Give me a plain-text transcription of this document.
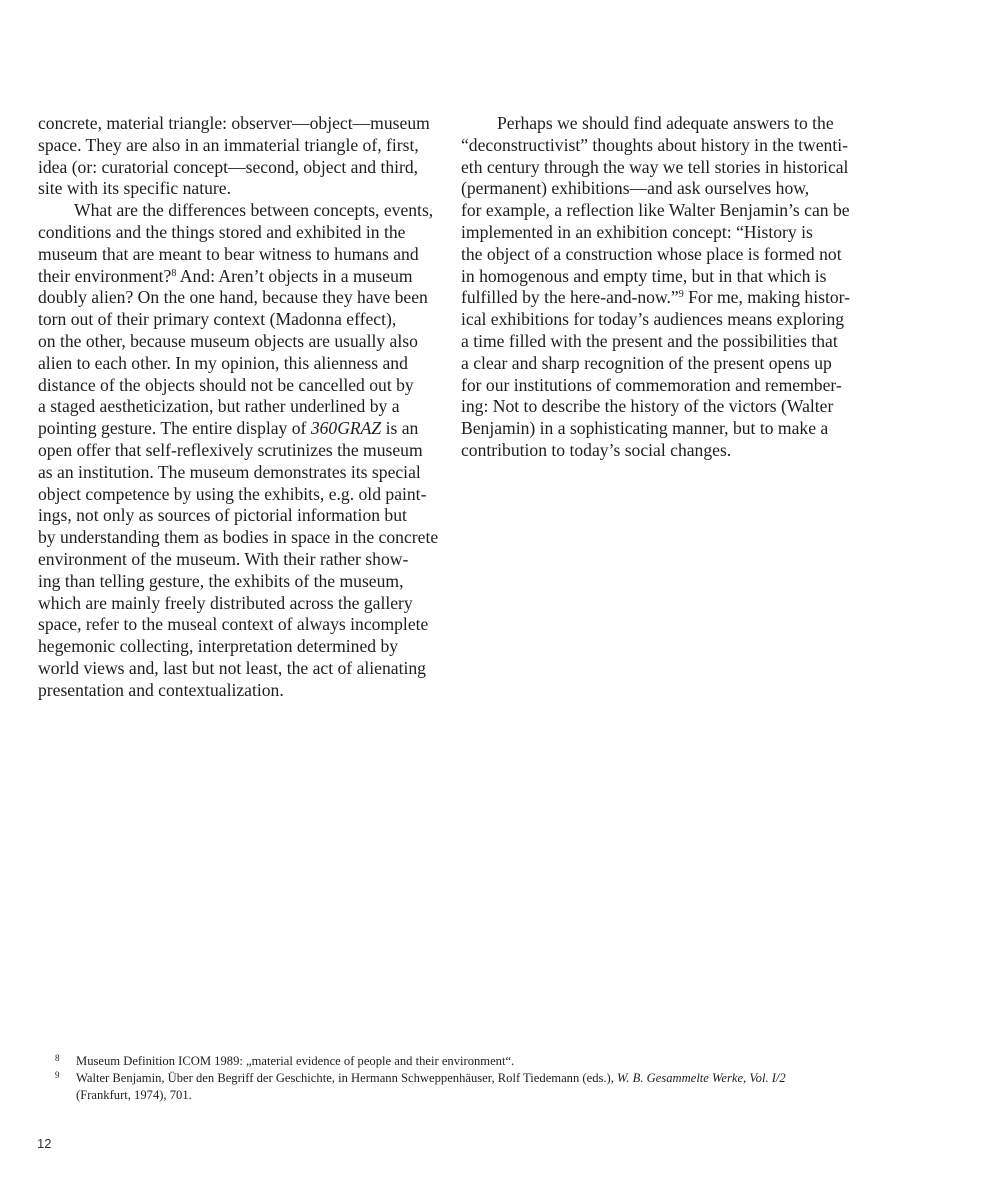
concrete, material triangle: observer—object—museum
space. They are also in an immaterial triangle of, first,
idea (or: curatorial concept—second, object and third,
site with its specific nature.
What are the differences between concepts, events,
conditions and the things stored and exhibited in the
museum that are meant to bear witness to humans and
their environment?$^8$ And: Aren’t objects in a museum
doubly alien? On the one hand, because they have been
torn out of their primary context (Madonna effect),
on the other, because museum objects are usually also
alien to each other. In my opinion, this alienness and
distance of the objects should not be cancelled out by
a staged aestheticization, but rather underlined by a
pointing gesture. The entire display of 360GRAZ is an
open offer that self-reflexively scrutinizes the museum
as an institution. The museum demonstrates its special
object competence by using the exhibits, e.g. old paint-
ings, not only as sources of pictorial information but
by understanding them as bodies in space in the concrete
environment of the museum. With their rather show-
ing than telling gesture, the exhibits of the museum,
which are mainly freely distributed across the gallery
space, refer to the museal context of always incomplete
hegemonic collecting, interpretation determined by
world views and, last but not least, the act of alienating
presentation and contextualization.
Perhaps we should find adequate answers to the
“deconstructivist” thoughts about history in the twenti-
eth century through the way we tell stories in historical
(permanent) exhibitions—and ask ourselves how,
for example, a reflection like Walter Benjamin’s can be
implemented in an exhibition concept: “History is
the object of a construction whose place is formed not
in homogenous and empty time, but in that which is
fulfilled by the here-and-now.”$^9$ For me, making histor-
ical exhibitions for today’s audiences means exploring
a time filled with the present and the possibilities that
a clear and sharp recognition of the present opens up
for our institutions of commemoration and remember-
ing: Not to describe the history of the victors (Walter
Benjamin) in a sophisticating manner, but to make a
contribution to today’s social changes.
8 Museum Definition ICOM 1989: „material evidence of people and their environment“.
9 Walter Benjamin, Über den Begriff der Geschichte, in Hermann Schweppenhäuser, Rolf Tiedemann (eds.), W. B. Gesammelte Werke, Vol. I/2
(Frankfurt, 1974), 701.
12
